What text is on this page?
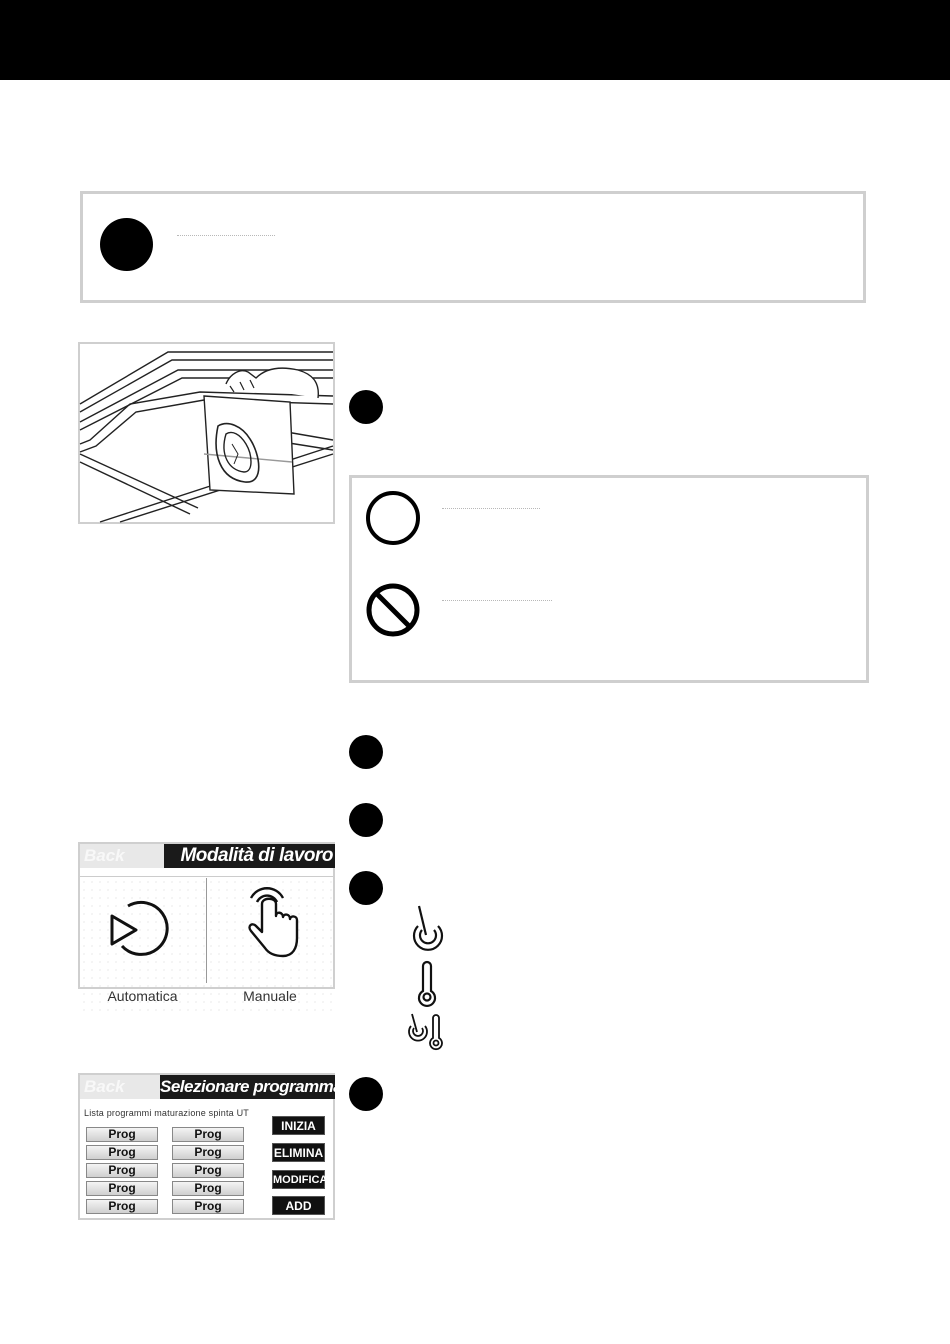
Back	Modalità di lavoro
Automatica	Manuale
Back	Selezionare programma
Lista programmi maturazione spinta UT
Prog
Prog
Prog
Prog
Prog
Prog
Prog
Prog
Prog
Prog
INIZIA
ELIMINA
MODIFICA
ADD
